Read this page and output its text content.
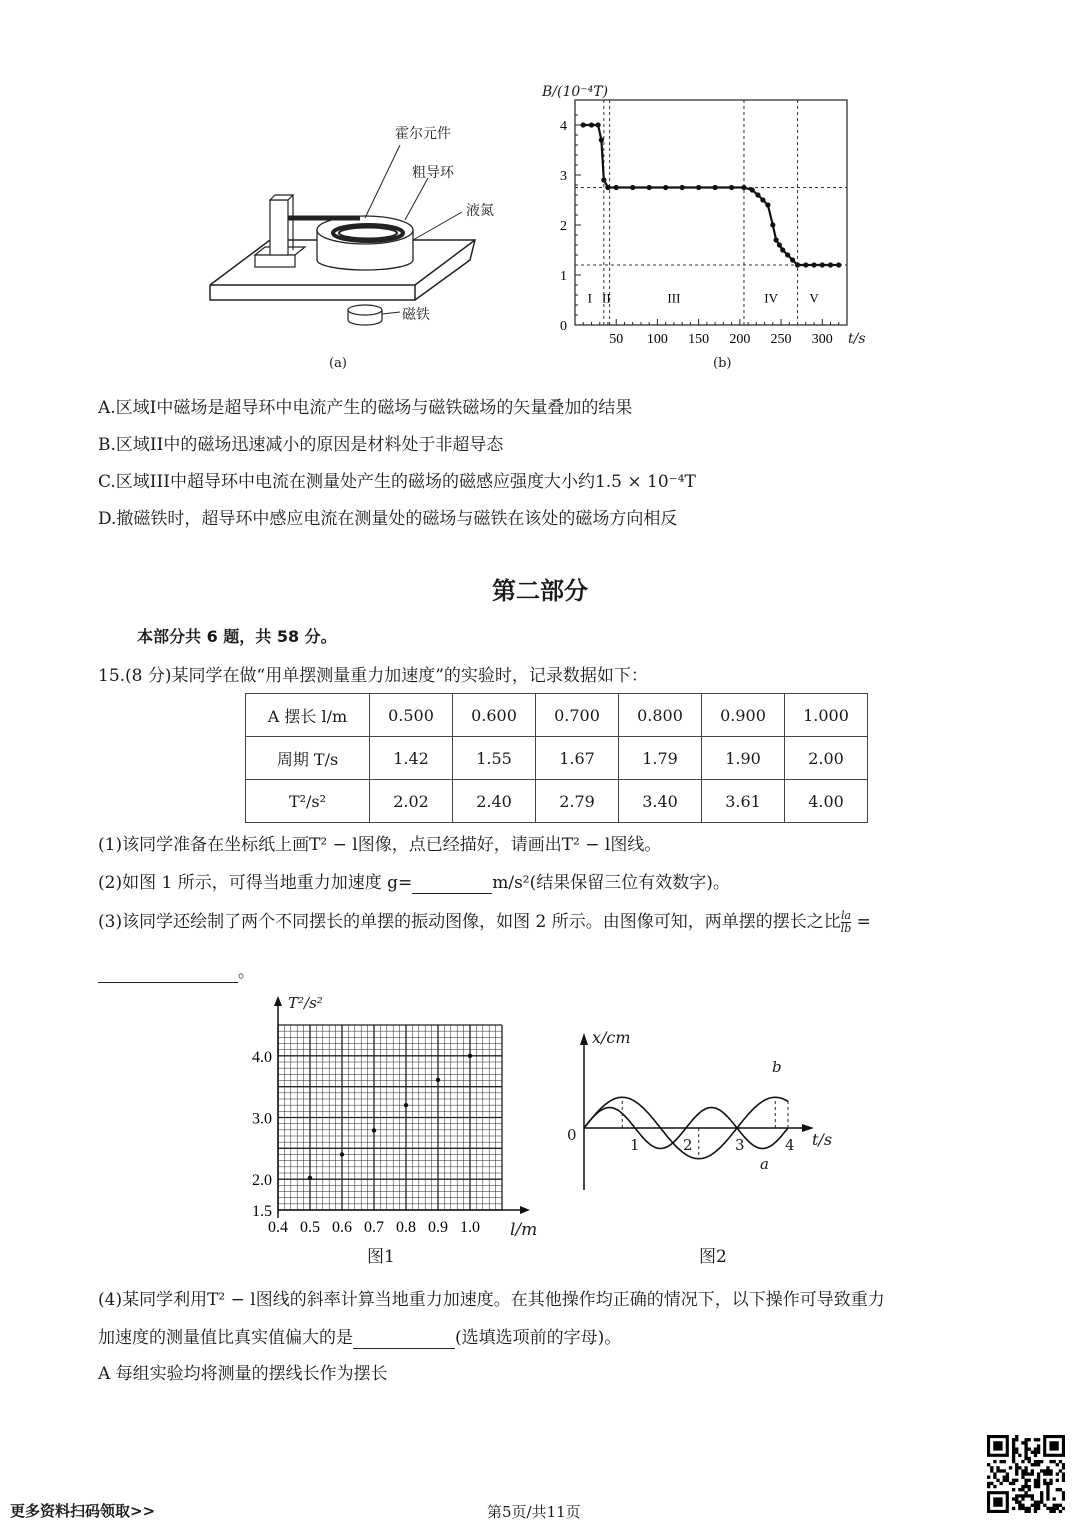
霍尔元件
粗导环
液氮
磁铁
(a)
50 100 150 200 250 300
0
1
2
3
4
I II	III	IV V
B/(10⁻⁴T)
t/s
(b)
A.区域I中磁场是超导环中电流产生的磁场与磁铁磁场的矢量叠加的结果
B.区域II中的磁场迅速减小的原因是材料处于非超导态
C.区域III中超导环中电流在测量处产生的磁场的磁感应强度大小约1.5 × 10⁻⁴T
D.撤磁铁时，超导环中感应电流在测量处的磁场与磁铁在该处的磁场方向相反
第二部分
本部分共 6 题，共 58 分。
15.(8 分)某同学在做“用单摆测量重力加速度”的实验时，记录数据如下：
A 摆长 l/m	0.500	0.600	0.700	0.800	0.900	1.000
周期 T/s	1.42	1.55	1.67	1.79	1.90	2.00
T²/s²	2.02	2.40	2.79	3.40	3.61	4.00
(1)该同学准备在坐标纸上画T² − l图像，点已经描好，请画出T² − l图线。
(2)如图 1 所示，可得当地重力加速度 g=	m/s²(结果保留三位有效数字)。
(3)该同学还绘制了两个不同摆长的单摆的振动图像，如图 2 所示。由图像可知，两单摆的摆长之比 $\frac{la}{lb}$ =
。
0.4 0.5 0.6 0.7 0.8 0.9 1.0
1.5
2.0
3.0
4.0
T²/s²
l/m
图1
x/cm
t/s
0
1	2	3	4
b
a
图2
(4)某同学利用T² − l图线的斜率计算当地重力加速度。在其他操作均正确的情况下，以下操作可导致重力
加速度的测量值比真实值偏大的是	(选填选项前的字母)。
A 每组实验均将测量的摆线长作为摆长
更多资料扫码领取>>	第5页/共11页
